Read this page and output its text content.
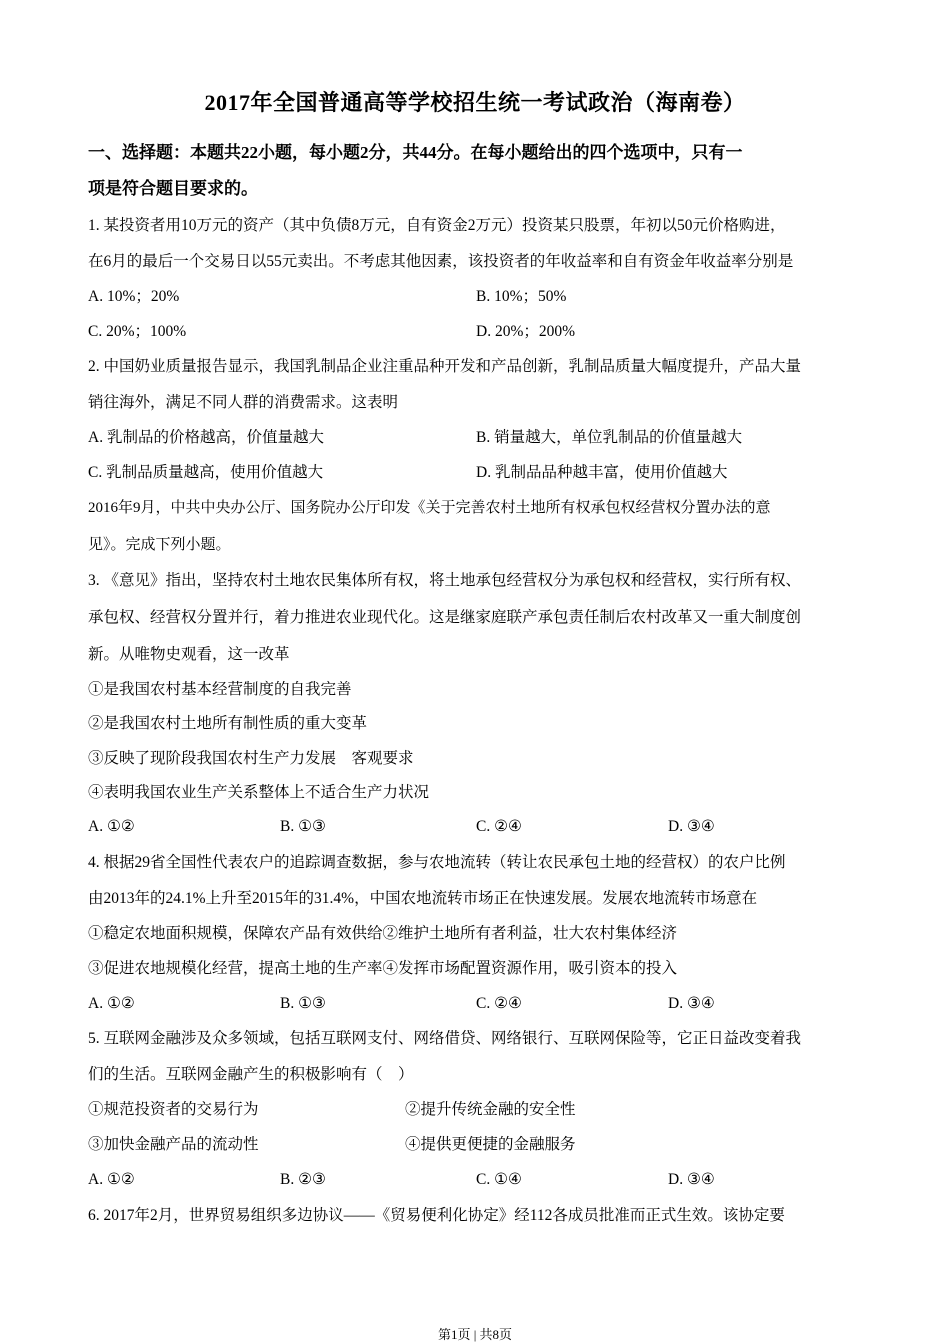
2017年全国普通高等学校招生统一考试政治（海南卷）
一、选择题：本题共22小题，每小题2分，共44分。在每小题给出的四个选项中，只有一
项是符合题目要求的。
1. 某投资者用10万元的资产（其中负债8万元，自有资金2万元）投资某只股票，年初以50元价格购进，
在6月的最后一个交易日以55元卖出。不考虑其他因素，该投资者的年收益率和自有资金年收益率分别是
A. 10%；20%	B. 10%；50%
C. 20%；100%	D. 20%；200%
2. 中国奶业质量报告显示，我国乳制品企业注重品种开发和产品创新，乳制品质量大幅度提升，产品大量
销往海外，满足不同人群的消费需求。这表明
A. 乳制品的价格越高，价值量越大	B. 销量越大，单位乳制品的价值量越大
C. 乳制品质量越高，使用价值越大	D. 乳制品品种越丰富，使用价值越大
2016年9月，中共中央办公厅、国务院办公厅印发《关于完善农村土地所有权承包权经营权分置办法的意
见》。完成下列小题。
3. 《意见》指出，坚持农村土地农民集体所有权，将土地承包经营权分为承包权和经营权，实行所有权、
承包权、经营权分置并行，着力推进农业现代化。这是继家庭联产承包责任制后农村改革又一重大制度创
新。从唯物史观看，这一改革
①是我国农村基本经营制度的自我完善
②是我国农村土地所有制性质的重大变革
③反映了现阶段我国农村生产力发展　客观要求
④表明我国农业生产关系整体上不适合生产力状况
A. ①②	B. ①③	C. ②④	D. ③④
4. 根据29省全国性代表农户的追踪调查数据，参与农地流转（转让农民承包土地的经营权）的农户比例
由2013年的24.1%上升至2015年的31.4%，中国农地流转市场正在快速发展。发展农地流转市场意在
①稳定农地面积规模，保障农产品有效供给②维护土地所有者利益，壮大农村集体经济
③促进农地规模化经营，提高土地的生产率④发挥市场配置资源作用，吸引资本的投入
A. ①②	B. ①③	C. ②④	D. ③④
5. 互联网金融涉及众多领域，包括互联网支付、网络借贷、网络银行、互联网保险等，它正日益改变着我
们的生活。互联网金融产生的积极影响有（　）
①规范投资者的交易行为	②提升传统金融的安全性
③加快金融产品的流动性	④提供更便捷的金融服务
A. ①②	B. ②③	C. ①④	D. ③④
6. 2017年2月，世界贸易组织多边协议——《贸易便利化协定》经112各成员批准而正式生效。该协定要
第1页 | 共8页
